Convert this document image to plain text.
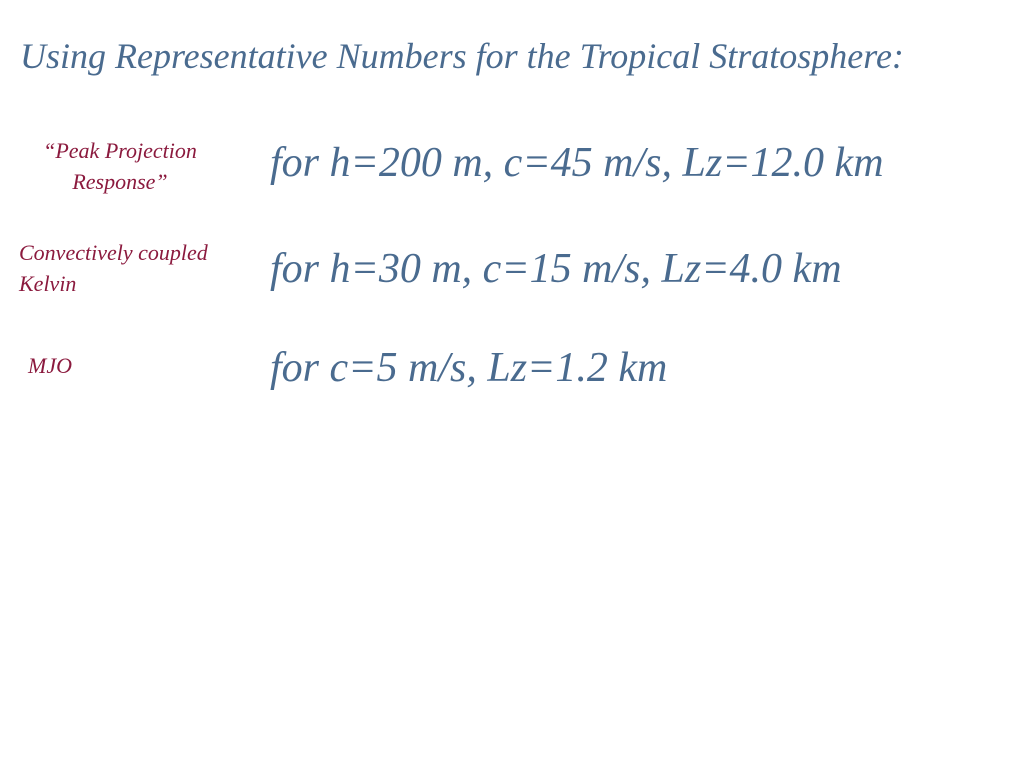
Using Representative Numbers for the Tropical Stratosphere:
“Peak Projection
Response”	for h=200 m, c=45 m/s, Lz=12.0 km
Convectively coupled
Kelvin	for h=30 m, c=15 m/s, Lz=4.0 km
MJO	for c=5 m/s, Lz=1.2 km
